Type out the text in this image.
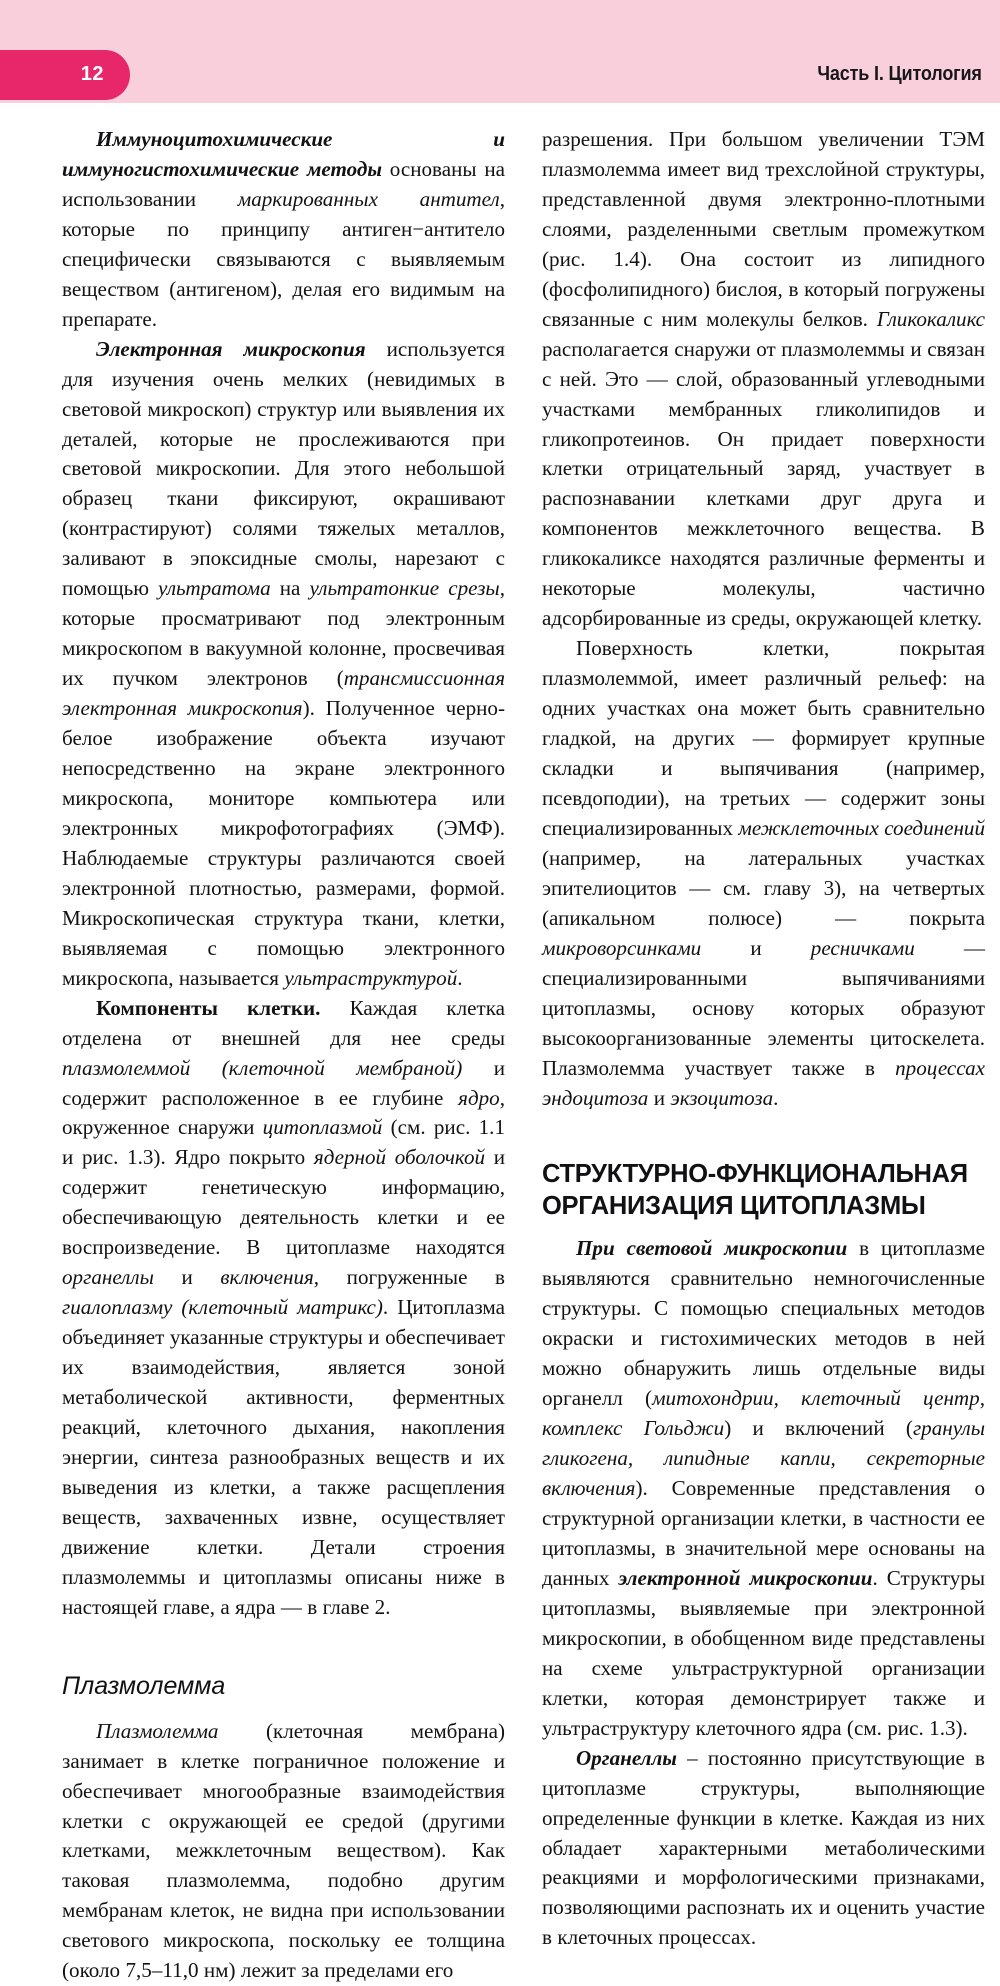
12	Часть I. Цитология

Иммуноцитохимические и иммуногистохимические методы основаны на использовании маркированных антител, которые по принципу антиген−антитело специфически связываются с выявляемым веществом (антигеном), делая его видимым на препарате.

Электронная микроскопия используется для изучения очень мелких (невидимых в световой микроскоп) структур или выявления их деталей, которые не прослеживаются при световой микроскопии. Для этого небольшой образец ткани фиксируют, окрашивают (контрастируют) солями тяжелых металлов, заливают в эпоксидные смолы, нарезают с помощью ультратома на ультратонкие срезы, которые просматривают под электронным микроскопом в вакуумной колонне, просвечивая их пучком электронов (трансмиссионная электронная микроскопия). Полученное черно-белое изображение объекта изучают непосредственно на экране электронного микроскопа, мониторе компьютера или электронных микрофотографиях (ЭМФ). Наблюдаемые структуры различаются своей электронной плотностью, размерами, формой. Микроскопическая структура ткани, клетки, выявляемая с помощью электронного микроскопа, называется ультраструктурой.

Компоненты клетки. Каждая клетка отделена от внешней для нее среды плазмолеммой (клеточной мембраной) и содержит расположенное в ее глубине ядро, окруженное снаружи цитоплазмой (см. рис. 1.1 и рис. 1.3). Ядро покрыто ядерной оболочкой и содержит генетическую информацию, обеспечивающую деятельность клетки и ее воспроизведение. В цитоплазме находятся органеллы и включения, погруженные в гиалоплазму (клеточный матрикс). Цитоплазма объединяет указанные структуры и обеспечивает их взаимодействия, является зоной метаболической активности, ферментных реакций, клеточного дыхания, накопления энергии, синтеза разнообразных веществ и их выведения из клетки, а также расщепления веществ, захваченных извне, осуществляет движение клетки. Детали строения плазмолеммы и цитоплазмы описаны ниже в настоящей главе, а ядра — в главе 2.

Плазмолемма

Плазмолемма (клеточная мембрана) занимает в клетке пограничное положение и обеспечивает многообразные взаимодействия клетки с окружающей ее средой (другими клетками, межклеточным веществом). Как таковая плазмолемма, подобно другим мембранам клеток, не видна при использовании светового микроскопа, поскольку ее толщина (около 7,5–11,0 нм) лежит за пределами его

разрешения. При большом увеличении ТЭМ плазмолемма имеет вид трехслойной структуры, представленной двумя электронно-плотными слоями, разделенными светлым промежутком (рис. 1.4). Она состоит из липидного (фосфолипидного) бислоя, в который погружены связанные с ним молекулы белков. Гликокаликс располагается снаружи от плазмолеммы и связан с ней. Это — слой, образованный углеводными участками мембранных гликолипидов и гликопротеинов. Он придает поверхности клетки отрицательный заряд, участвует в распознавании клетками друг друга и компонентов межклеточного вещества. В гликокаликсе находятся различные ферменты и некоторые молекулы, частично адсорбированные из среды, окружающей клетку.

Поверхность клетки, покрытая плазмолеммой, имеет различный рельеф: на одних участках она может быть сравнительно гладкой, на других — формирует крупные складки и выпячивания (например, псевдоподии), на третьих — содержит зоны специализированных межклеточных соединений (например, на латеральных участках эпителиоцитов — см. главу 3), на четвертых (апикальном полюсе) — покрыта микроворсинками и ресничками — специализированными выпячиваниями цитоплазмы, основу которых образуют высокоорганизованные элементы цитоскелета. Плазмолемма участвует также в процессах эндоцитоза и экзоцитоза.

СТРУКТУРНО-ФУНКЦИОНАЛЬНАЯ
ОРГАНИЗАЦИЯ ЦИТОПЛАЗМЫ

При световой микроскопии в цитоплазме выявляются сравнительно немногочисленные структуры. С помощью специальных методов окраски и гистохимических методов в ней можно обнаружить лишь отдельные виды органелл (митохондрии, клеточный центр, комплекс Гольджи) и включений (гранулы гликогена, липидные капли, секреторные включения). Современные представления о структурной организации клетки, в частности ее цитоплазмы, в значительной мере основаны на данных электронной микроскопии. Структуры цитоплазмы, выявляемые при электронной микроскопии, в обобщенном виде представлены на схеме ультраструктурной организации клетки, которая демонстрирует также и ультраструктуру клеточного ядра (см. рис. 1.3).

Органеллы – постоянно присутствующие в цитоплазме структуры, выполняющие определенные функции в клетке. Каждая из них обладает характерными метаболическими реакциями и морфологическими признаками, позволяющими распознать их и оценить участие в клеточных процессах.
